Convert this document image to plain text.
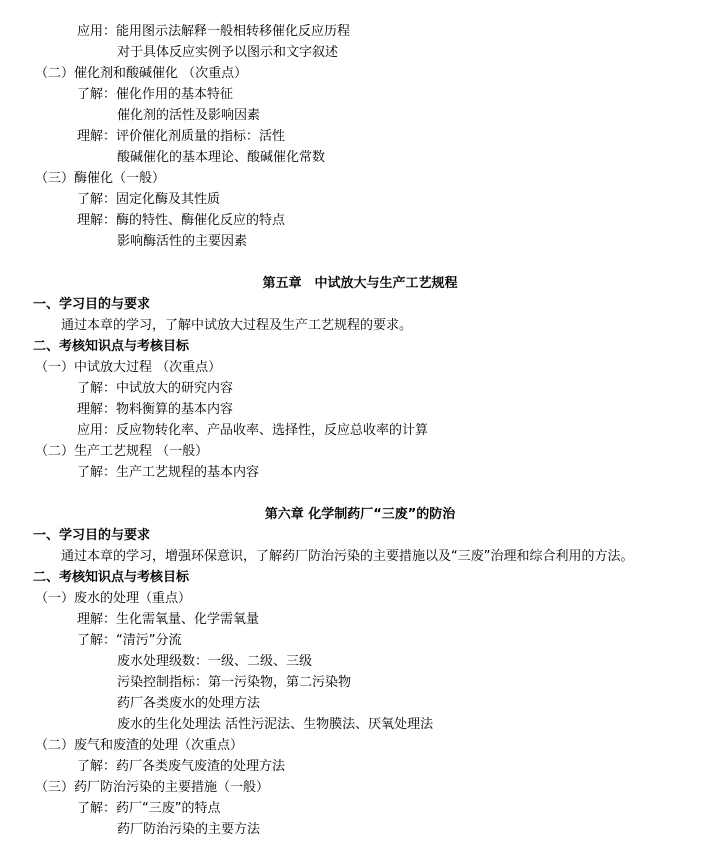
应用：能用图示法解释一般相转移催化反应历程
对于具体反应实例予以图示和文字叙述
（二）催化剂和酸碱催化 （次重点）
了解：催化作用的基本特征
催化剂的活性及影响因素
理解：评价催化剂质量的指标：活性
酸碱催化的基本理论、酸碱催化常数
（三）酶催化（一般）
了解：固定化酶及其性质
理解：酶的特性、酶催化反应的特点
影响酶活性的主要因素
第五章　中试放大与生产工艺规程
一、学习目的与要求
通过本章的学习，了解中试放大过程及生产工艺规程的要求。
二、考核知识点与考核目标
（一）中试放大过程 （次重点）
了解：中试放大的研究内容
理解：物料衡算的基本内容
应用：反应物转化率、产品收率、选择性，反应总收率的计算
（二）生产工艺规程 （一般）
了解：生产工艺规程的基本内容
第六章 化学制药厂“三废”的防治
一、学习目的与要求
通过本章的学习，增强环保意识，了解药厂防治污染的主要措施以及“三废”治理和综合利用的方法。
二、考核知识点与考核目标
（一）废水的处理（重点）
理解：生化需氧量、化学需氧量
了解：“清污”分流
废水处理级数：一级、二级、三级
污染控制指标：第一污染物，第二污染物
药厂各类废水的处理方法
废水的生化处理法 活性污泥法、生物膜法、厌氧处理法
（二）废气和废渣的处理（次重点）
了解：药厂各类废气废渣的处理方法
（三）药厂防治污染的主要措施（一般）
了解：药厂“三废”的特点
药厂防治污染的主要方法
